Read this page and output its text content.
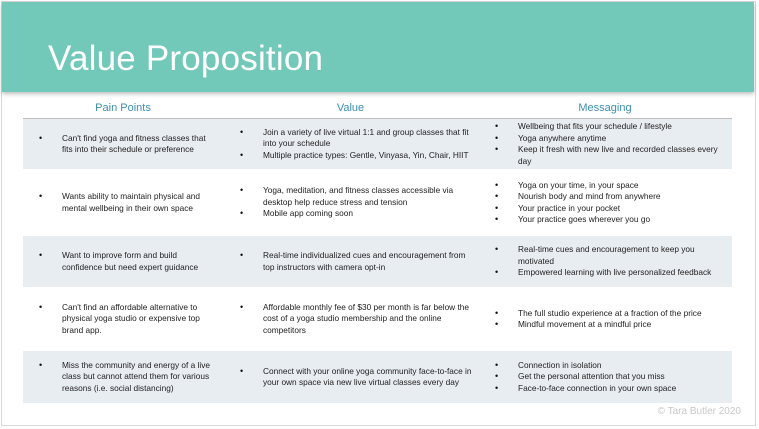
Value Proposition
Pain Points	Value	Messaging
• Can't find yoga and fitness classes that fits into their schedule or preference
• Join a variety of live virtual 1:1 and group classes that fit into your schedule
• Multiple practice types: Gentle, Vinyasa, Yin, Chair, HIIT
• Wellbeing that fits your schedule / lifestyle
• Yoga anywhere anytime
• Keep it fresh with new live and recorded classes every day
• Wants ability to maintain physical and mental wellbeing in their own space
• Yoga, meditation, and fitness classes accessible via desktop help reduce stress and tension
• Mobile app coming soon
• Yoga on your time, in your space
• Nourish body and mind from anywhere
• Your practice in your pocket
• Your practice goes wherever you go
• Want to improve form and build confidence but need expert guidance
• Real-time individualized cues and encouragement from top instructors with camera opt-in
• Real-time cues and encouragement to keep you motivated
• Empowered learning with live personalized feedback
• Can't find an affordable alternative to physical yoga studio or expensive top brand app.
• Affordable monthly fee of $30 per month is far below the cost of a yoga studio membership and the online competitors
• The full studio experience at a fraction of the price
• Mindful movement at a mindful price
• Miss the community and energy of a live class but cannot attend them for various reasons (i.e. social distancing)
• Connect with your online yoga community face-to-face in your own space via new live virtual classes every day
• Connection in isolation
• Get the personal attention that you miss
• Face-to-face connection in your own space
© Tara Butler 2020
